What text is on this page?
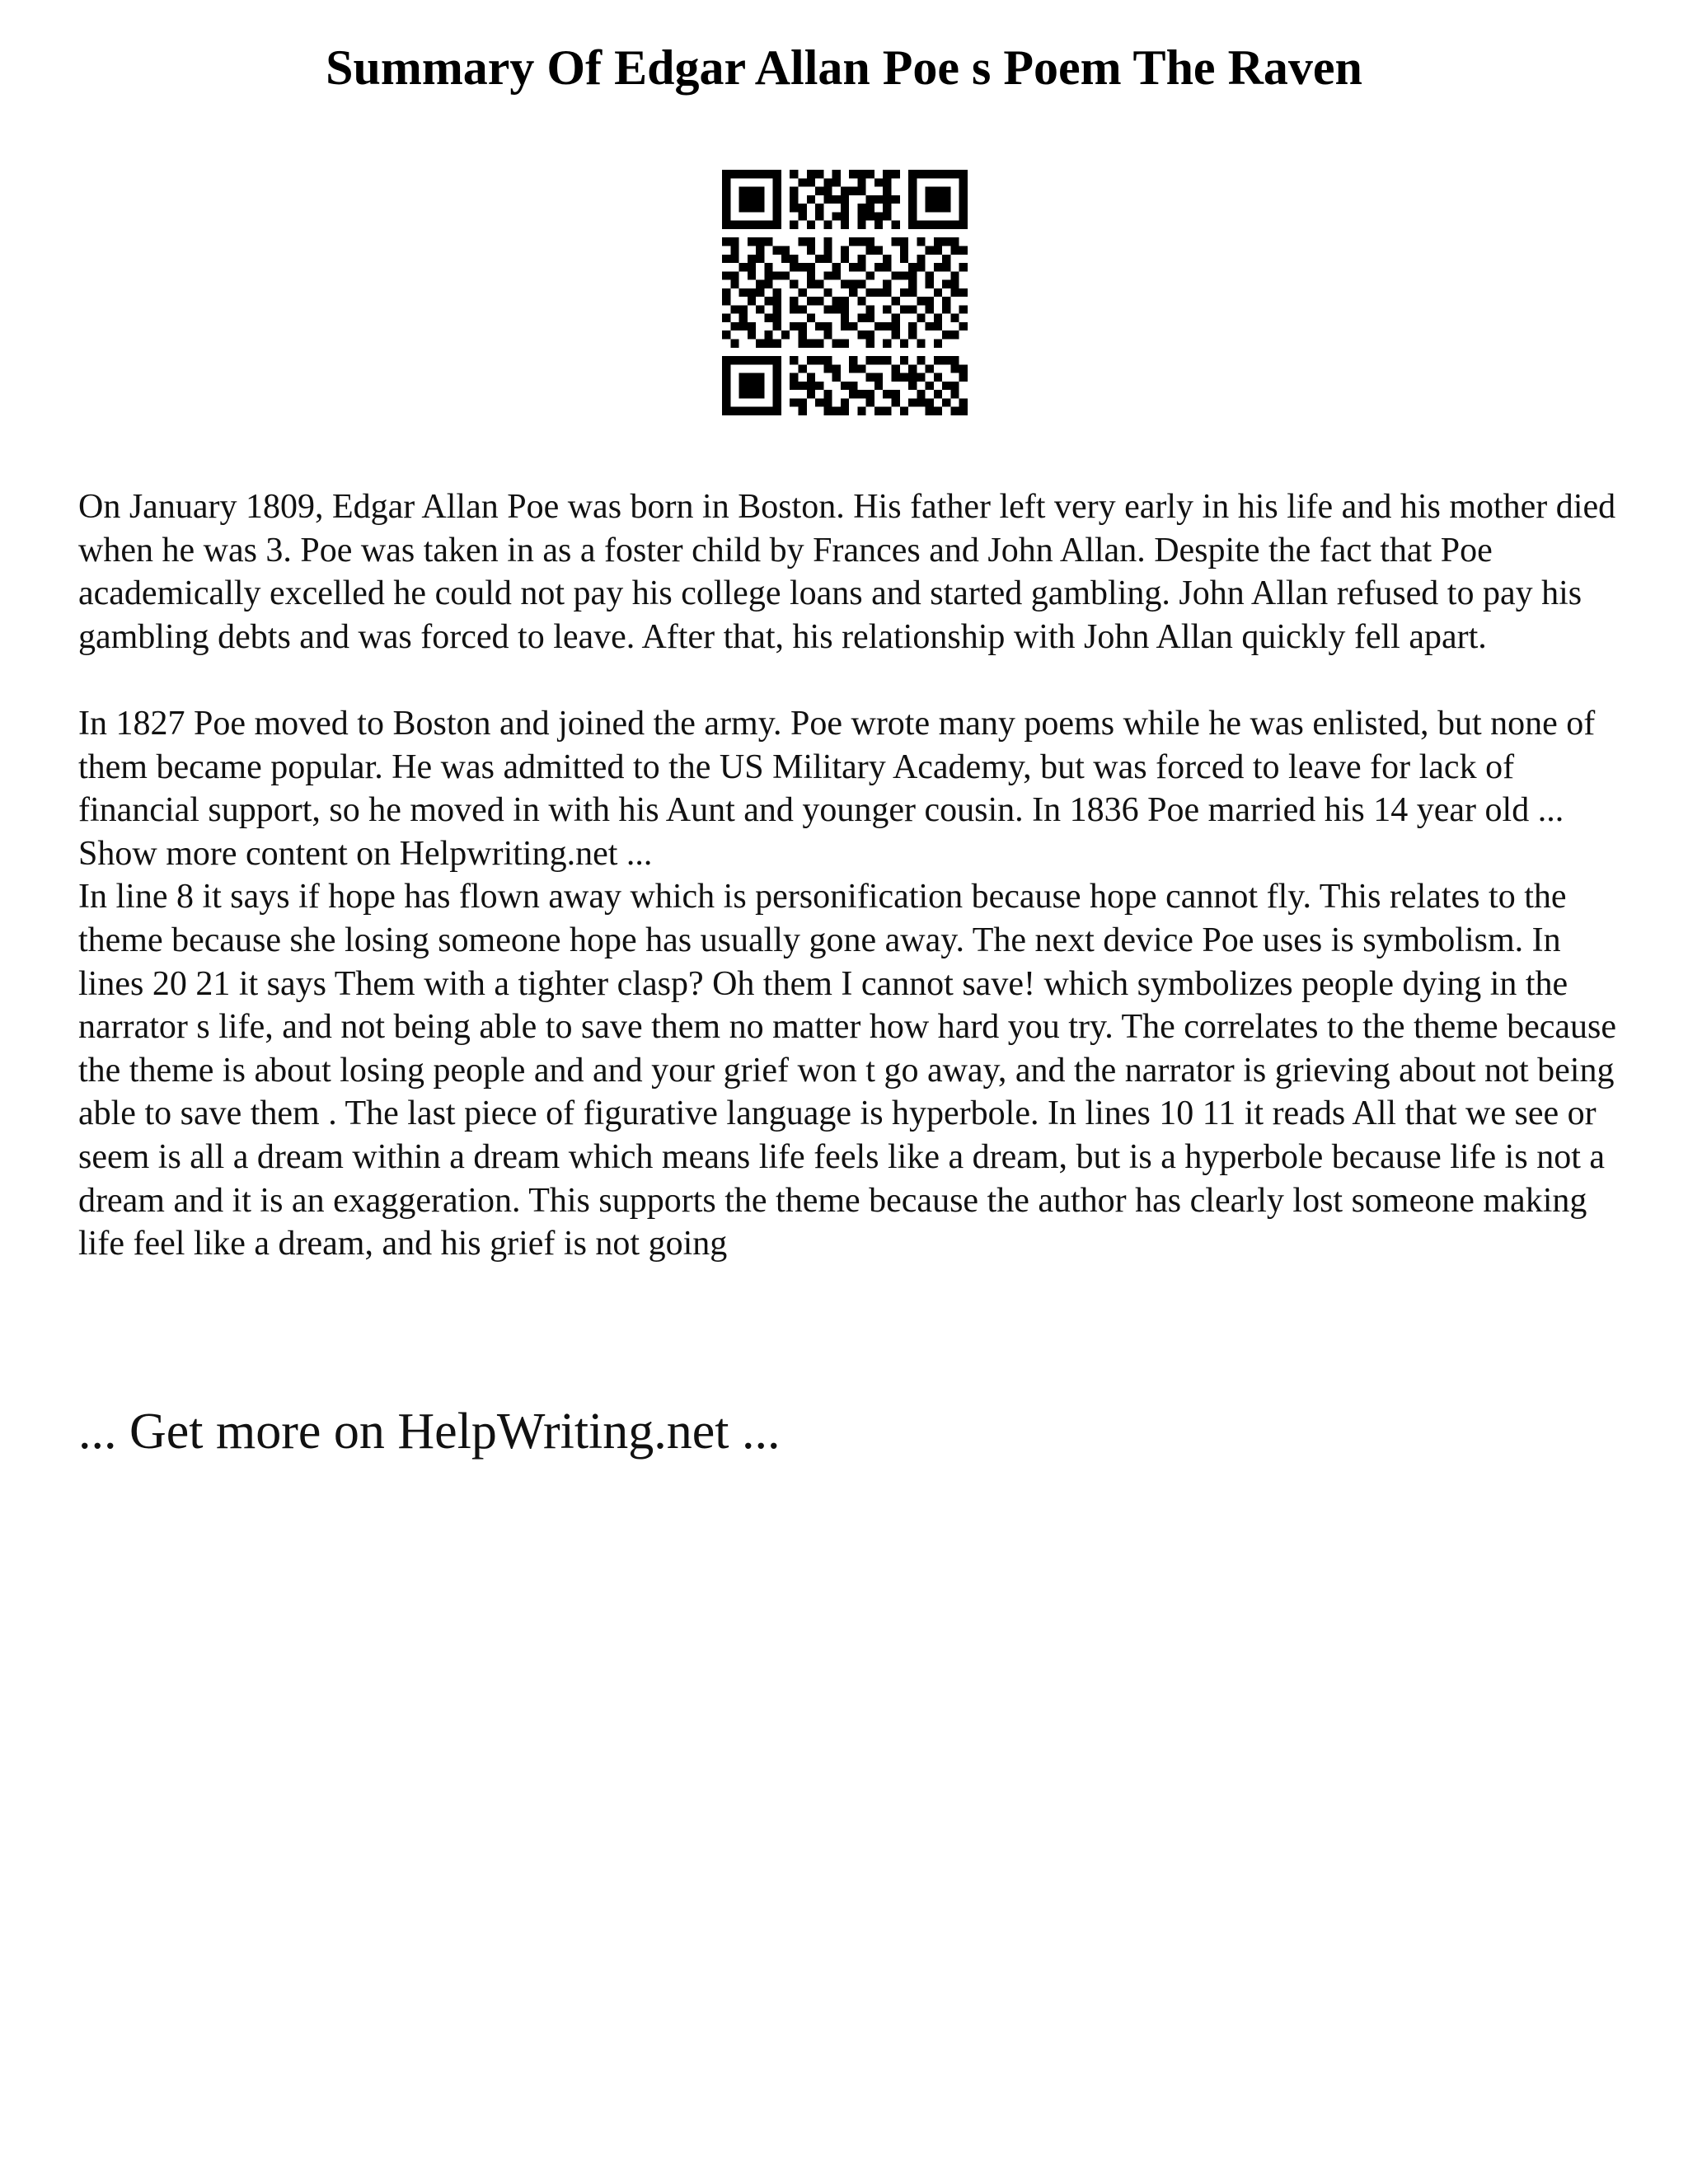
Summary Of Edgar Allan Poe s Poem The Raven

On January 1809, Edgar Allan Poe was born in Boston. His father left very early in his life and his mother died when he was 3. Poe was taken in as a foster child by Frances and John Allan. Despite the fact that Poe academically excelled he could not pay his college loans and started gambling. John Allan refused to pay his gambling debts and was forced to leave. After that, his relationship with John Allan quickly fell apart.

In 1827 Poe moved to Boston and joined the army. Poe wrote many poems while he was enlisted, but none of them became popular. He was admitted to the US Military Academy, but was forced to leave for lack of financial support, so he moved in with his Aunt and younger cousin. In 1836 Poe married his 14 year old ... Show more content on Helpwriting.net ...

In line 8 it says if hope has flown away which is personification because hope cannot fly. This relates to the theme because she losing someone hope has usually gone away. The next device Poe uses is symbolism. In lines 20 21 it says Them with a tighter clasp? Oh them I cannot save! which symbolizes people dying in the narrator s life, and not being able to save them no matter how hard you try. The correlates to the theme because the theme is about losing people and and your grief won t go away, and the narrator is grieving about not being able to save them . The last piece of figurative language is hyperbole. In lines 10 11 it reads All that we see or seem is all a dream within a dream which means life feels like a dream, but is a hyperbole because life is not a dream and it is an exaggeration. This supports the theme because the author has clearly lost someone making life feel like a dream, and his grief is not going

... Get more on HelpWriting.net ...
